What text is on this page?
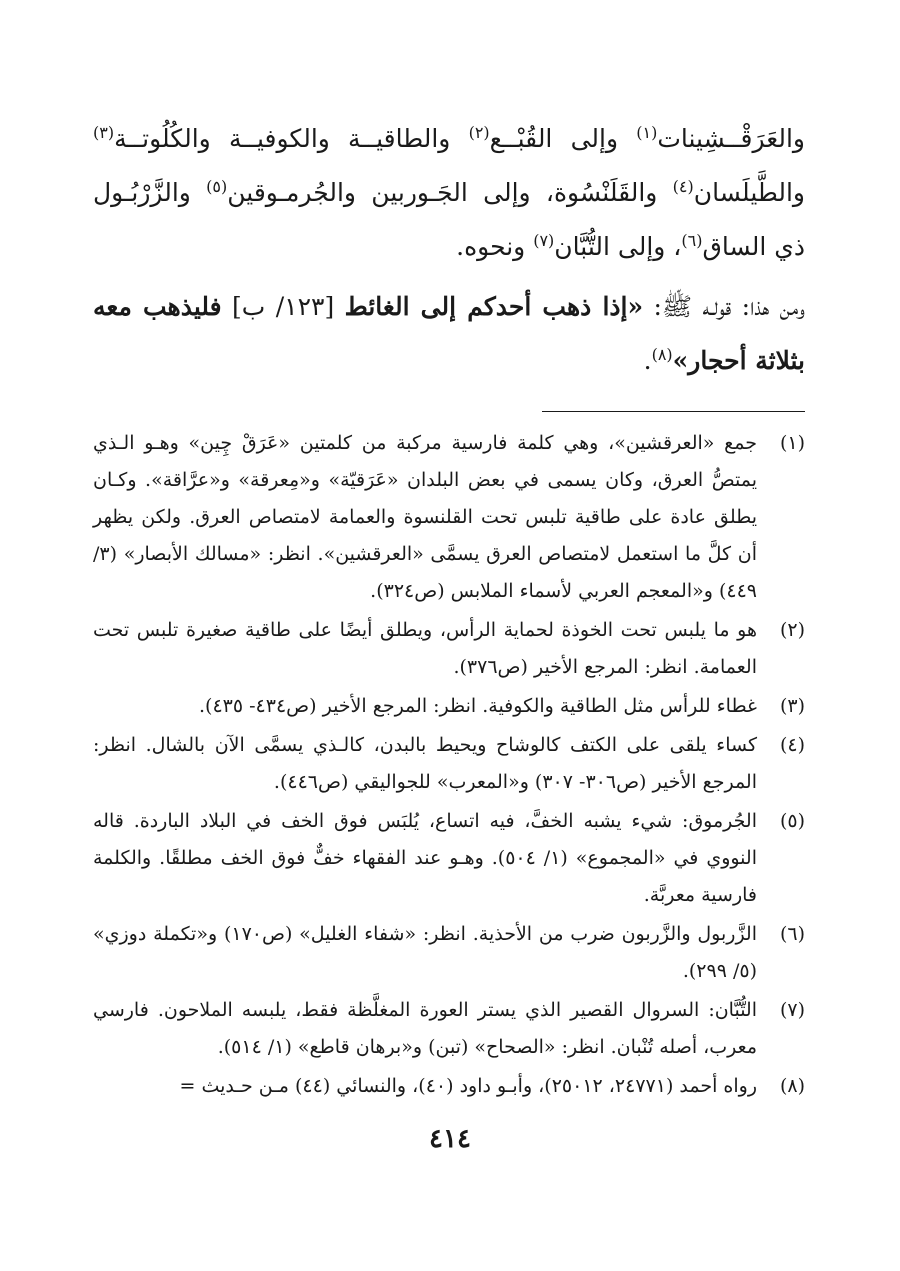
والعَرَقْــشِينات$^{(١)}$ وإلى القُبْــع$^{(٢)}$ والطاقيــة والكوفيــة والكُلُوتــة$^{(٣)}$ والطَّيلَسان$^{(٤)}$ والقَلَنْسُوة، وإلى الجَـوربين والجُرمـوقين$^{(٥)}$ والزَّرْبُـول ذي الساق$^{(٦)}$، وإلى التُّبَّان$^{(٧)}$ ونحوه.

ومن هذا: قولـه ﷺ: «إذا ذهب أحدكم إلى الغائط [١٢٣/ ب] فليذهب معه بثلاثة أحجار»$^{(٨)}$.

(١)
جمع «العرقشين»، وهي كلمة فارسية مركبة من كلمتين «عَرَقْ چِين» وهـو الـذي يمتصُّ العرق، وكان يسمى في بعض البلدان «عَرَقيّة» و«مِعرقة» و«عرَّاقة». وكـان يطلق عادة على طاقية تلبس تحت القلنسوة والعمامة لامتصاص العرق. ولكن يظهر أن كلَّ ما استعمل لامتصاص العرق يسمَّى «العرقشين». انظر: «مسالك الأبصار» (٣/ ٤٤٩) و«المعجم العربي لأسماء الملابس (ص٣٢٤).
(٢)
هو ما يلبس تحت الخوذة لحماية الرأس، ويطلق أيضًا على طاقية صغيرة تلبس تحت العمامة. انظر: المرجع الأخير (ص٣٧٦).
(٣)
غطاء للرأس مثل الطاقية والكوفية. انظر: المرجع الأخير (ص٤٣٤- ٤٣٥).
(٤)
كساء يلقى على الكتف كالوشاح ويحيط بالبدن، كالـذي يسمَّى الآن بالشال. انظر: المرجع الأخير (ص٣٠٦- ٣٠٧) و«المعرب» للجواليقي (ص٤٤٦).
(٥)
الجُرموق: شيء يشبه الخفَّ، فيه اتساع، يُلبَس فوق الخف في البلاد الباردة. قاله النووي في «المجموع» (١/ ٥٠٤). وهـو عند الفقهاء خفٌّ فوق الخف مطلقًا. والكلمة فارسية معربَّة.
(٦)
الزَّربول والزَّربون ضرب من الأحذية. انظر: «شفاء الغليل» (ص١٧٠) و«تكملة دوزي» (٥/ ٢٩٩).
(٧)
التُّبَّان: السروال القصير الذي يستر العورة المغلَّظة فقط، يلبسه الملاحون. فارسي معرب، أصله تُنْبان. انظر: «الصحاح» (تبن) و«برهان قاطع» (١/ ٥١٤).
(٨)
رواه أحمد (٢٤٧٧١، ٢٥٠١٢)، وأبـو داود (٤٠)، والنسائي (٤٤) مـن حـديث =
٤١٤
